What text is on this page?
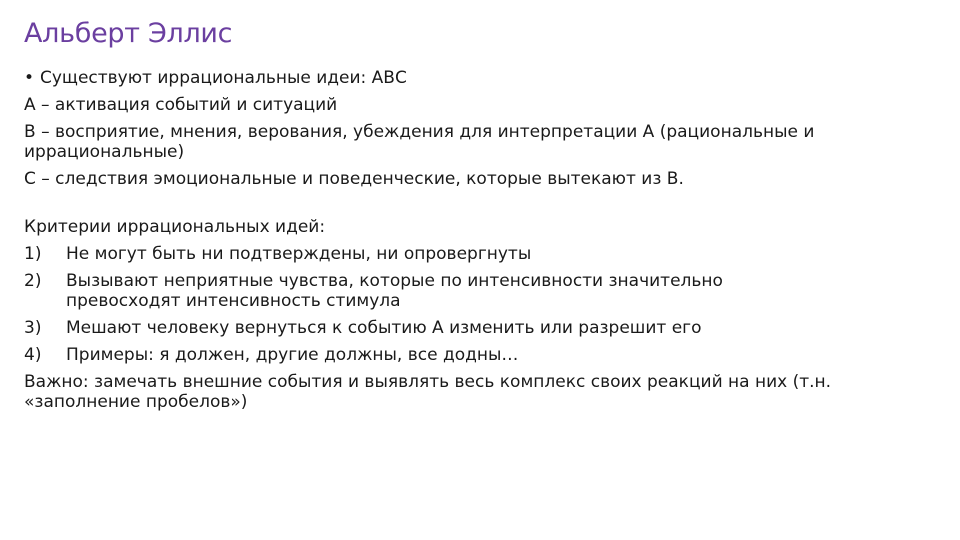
Альберт Эллис

• Существуют иррациональные идеи: АВС

А – активация событий и ситуаций

В – восприятие, мнения, верования, убеждения для интерпретации А (рациональные и иррациональные)

С – следствия эмоциональные и поведенческие, которые вытекают из В.

Критерии иррациональных идей:

1)	Не могут быть ни подтверждены, ни опровергнуты
2)	Вызывают неприятные чувства, которые по интенсивности значительно превосходят интенсивность стимула
3)	Мешают человеку вернуться к событию А изменить или разрешит его
4)	Примеры: я должен, другие должны, все додны…

Важно: замечать внешние события и выявлять весь комплекс своих реакций на них (т.н. «заполнение пробелов»)
